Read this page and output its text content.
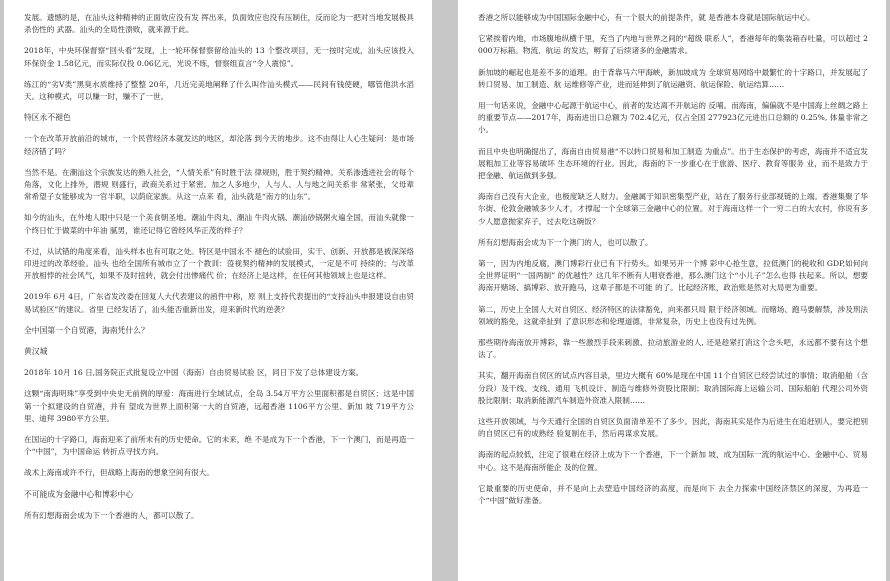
发展。遗憾的是，在汕头这种精神的正面效应没有发 挥出来，负面效应也没有压制住，反而论为一把对当地发展极具杀伤性的 武器。汕头的全局性溃败，就来源于此。

2018年，中央环保督察“回头看”发现，上一轮环保督察留给汕头的 13 个整改项目，无一按时完成，汕头应该投入环保资金 1.58亿元，而实际仅投 0.06亿元，光说不练，督察组直言“令人震惊”。

练江的“劣V类”黑臭水质维持了整整 20年，几近完美地阐释了什么叫作汕头模式——民间有钱使硬，哪管他洪水滔天。这种模式，可以赚一时，赚不了一世。

特区永不褪色

一个在改革开放前沿的城市，一个民营经济本就发达的地区，却沦落 到今天的地步。这不由得让人心生疑问：是市场经济错了吗？

当然不是。在潮汕这个宗族发达的熟人社会，“人情关系”有时胜于法 律规则，胜于契约精神。关系渗透进社会的每个角落，文化上排外，潜规 则盛行，政商关系过于紧密。加之人多地少，人与人、人与地之间关系非 常紧张，父母辈常希望子女能够成为一官半职，以荫庇家族。从这一点来 看，汕头就是“南方的山东”。

如今的汕头，在外地人眼中只是一个美食朝圣地。潮汕牛肉丸、潮汕 牛肉火锅、潮汕砂锅粥火遍全国，而汕头就像一个终日忙于做菜的中年油 腻男，谁还记得它曾经风华正茂的样子？

不过，从试错的角度来看，汕头样本也有可取之处。特区是中国永不 褪色的试验田，实干、创新、开放都是被深深烙印进过的改革经验。汕头 也给全国所有城市立了一个教训：莈视契约精神的发展模式，一定是不可 持续的；与改革开放相悖的社会风气，如果不及时扭转，就会付出惨痛代 价；在经济上是这样，在任何其他领域上也是这样。

2019年 6月 4日，广东省发改委在回复人大代表建议的函件中称，原 则上支持代表提出的“支持汕头申报建设自由贸易试验区”的建议。省里 已经发话了，汕头能否重新出发，迎来新时代的逆袭？

全中国第一个自贸港，海南凭什么？

黄汉城

2018年 10月 16 日,国务院正式批复设立中国（海南）自由贸易试验 区，同日下发了总体建设方案。

这颗“南海明珠”享受到中央史无前例的厚爱：海南进行全域试点，全岛 3.54万平方公里面积都是自贸区；这是中国第一个拟建设的自贸港，并有 望成为世界上面积第一大的自贸港，远超香港 1106平方公里、新加 坡 719平方公里、迪拜 3980平方公里。

在国运的十字路口，海南迎来了前所未有的历史使命。它的未来，绝 不是成为下一个香港，下一个澳门，而是再造一个“中国”，为中国命运 转折点寻找方向。

战术上海南或许不行，但战略上海南的想象空间有很大。

不可能成为金融中心和博彩中心

所有幻想海南会成为下一个香港的人，都可以散了。

香港之所以能够成为中国国际金融中心，有一个很大的前提条件，就 是香港本身就是国际航运中心。

它紧挨着内地，市场腹地纵横千里，充当了内地与世界之间的“超级 联系人”，香港每年的集装箱吞吐量，可以超过 2000万标箱。物流、航运 的发达，孵育了后续诸多的金融需求。

新加坡的崛起也是差不多的道理。由于背靠马六甲海峡，新加坡成为 全球贸易网络中最繁忙的十字路口，并发展起了转口贸易、加工制造、航 运维修等产业，进而延伸到了航运融资、航运保险、航运结算……

用一句话来说，金融中心起源于航运中心，前者的发达离不开航运的 反哺。而海南，偏偏就不是中国海上丝绸之路上的重要节点——2017年，海南进出口总额为 702.4亿元，仅占全国 277923亿元进出口总额的 0.25%, 体量非常之小。

而且中央也明确提出了，海南自由贸易港“不以转口贸易和加工制造 为重点”。出于生态保护的考虑，海南并不适宜发展粗加工业等容易破坏 生态环境的行业。因此，海南的下一步重心在于旅游、医疗、教育等服务 业，而不是致力于把金融、航运做到多强。

海南自己没有大企业，也极度缺乏人财力。金融属于知识密集型产业，站在了服务行业部视链的上端。香港集聚了华尔街、伦敦金融城多少人才，才撑起一个全球第三金融中心的位置。对于海南这样一个一穷二白的大农村，你说有多少人愿意抛家弃子，过去吃这碗饭？

所有幻想海南会成为下一个澳门的人，也可以散了。

第一，因为内地反腐，澳门博彩行业已有下行势头。如果另开一个博 彩中心抢生意，拉低澳门的税收和 GDP,如何向全世界证明“一国两制” 的优越性？这几年不断有人唱衰香港，那么澳门这个“小儿子”怎么也得 扶起来。所以，想要海南开赌场、搞博彩、放开跑马，这辈子都是不可能 的了。比起经济账，政治账是然对大局更为重要。

第二，历史上全国人大对自贸区、经济特区的法律豁免，向来都只局 限于经济领域。而赌场、跑马要解禁，涉及刑法领域的豁免，这就牵扯到 了意识形态和伦理道德，非常复杂，历史上也没有过先例。

那些期待海南放开博彩，靠一些激烈手段来刺激、拉动旅游业的人, 还是趁紧打消这个念头吧，永远都不要有这个想法了。

其实，翻开海南自贸区的试点内容目录，里边大概有 60%是现在中国 11个自贸区已经尝试过的事情；取消船舶（含分段）及干线、支线、通用 飞机设计、制造与维修外资股比限制；取消国际海上运输公司、国际船舶 代理公司外资股比限制；取消新能源汽车制造外资准入限制……

这些开放领域，与今天通行全国的自贸区负面清单差不了多少。因此，海南其实是作为后进生在追赶别人，要完把别的自贸区已有的成熟经 验复制在手，然后再谋求发展。

海南的起点较低，注定了很难在经济上成为下一个香港，下一个新加 坡，成为国际一流的航运中心、金融中心、贸易中心。这不是海南所能企 及的位置。

它最重要的历史使命，并不是向上去塑造中国经济的高度，而是向下 去全力探索中国经济禁区的深度，为再造一个“中国”做好准备。
